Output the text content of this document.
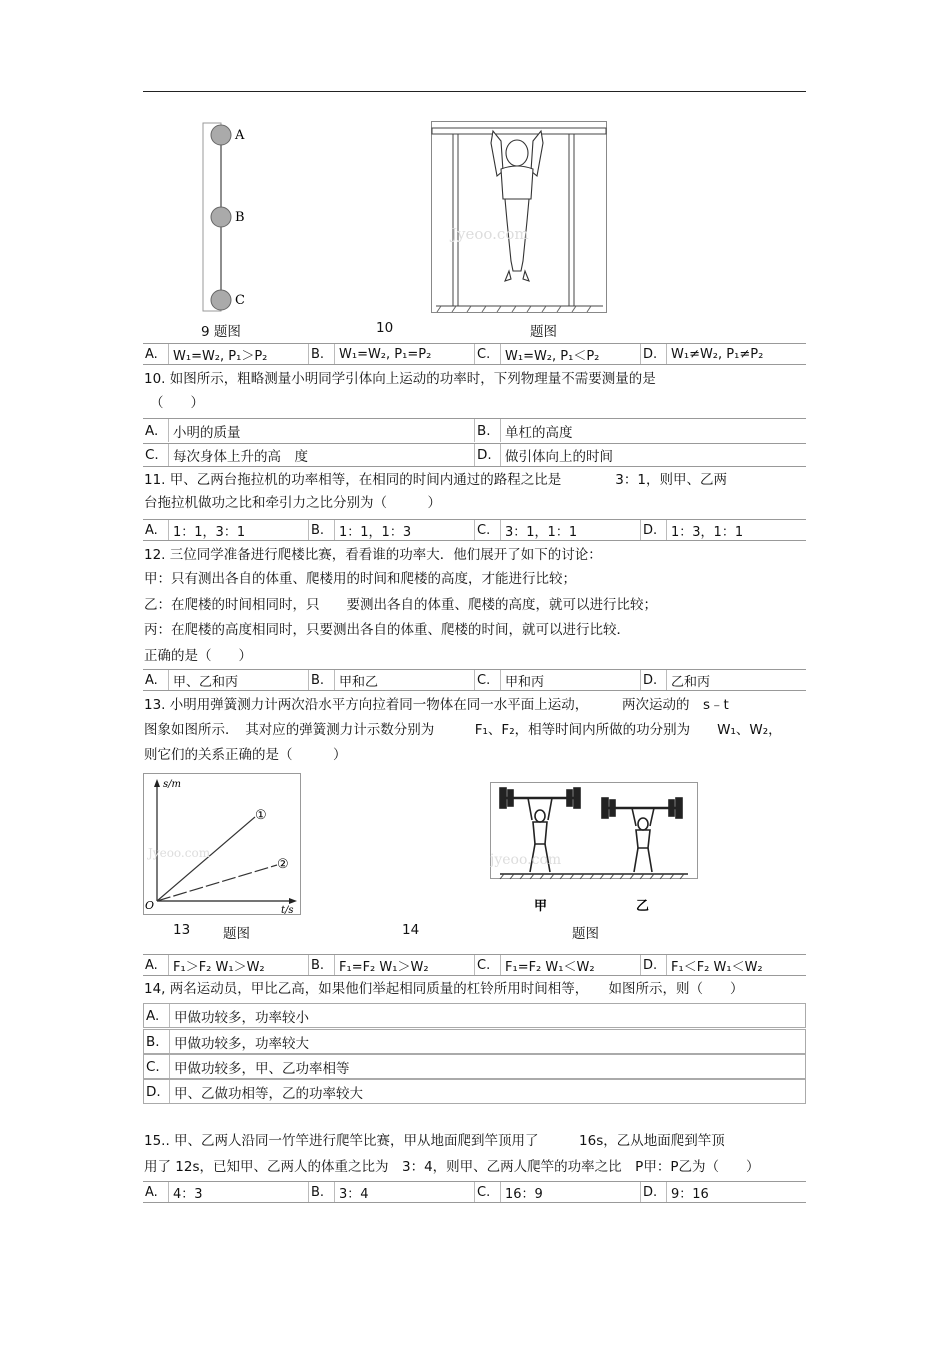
A
B
C
9 题图
Jyeoo.com
10	题图
A.	W₁=W₂, P₁＞P₂	B.	W₁=W₂, P₁=P₂	C.	W₁=W₂, P₁＜P₂	D.	W₁≠W₂, P₁≠P₂
10. 如图所示，粗略测量小明同学引体向上运动的功率时，下列物理量不需要测量的是
（　　）
A.	小明的质量	B.	单杠的高度
C.	每次身体上升的高　度	D. 做引体向上的时间
11. 甲、乙两台拖拉机的功率相等，在相同的时间内通过的路程之比是　　　　3：1，则甲、乙两
台拖拉机做功之比和牵引力之比分别为（　　　）
A.	1：1，3：1	B.	1：1，1：3	C.	3：1，1：1	D.	1：3，1：1
12. 三位同学准备进行爬楼比赛，看看谁的功率大．他们展开了如下的讨论：
甲：只有测出各自的体重、爬楼用的时间和爬楼的高度，才能进行比较；
乙：在爬楼的时间相同时，只　　要测出各自的体重、爬楼的高度，就可以进行比较；
丙：在爬楼的高度相同时，只要测出各自的体重、爬楼的时间，就可以进行比较．
正确的是（　　）
A.	甲、乙和丙	B.	甲和乙	C.	甲和丙	D.	乙和丙
13. 小明用弹簧测力计两次沿水平方向拉着同一物体在同一水平面上运动，　　　两次运动的　s﹣t
图象如图所示．　其对应的弹簧测力计示数分别为　　　F₁、F₂，相等时间内所做的功分别为　　W₁、W₂，
则它们的关系正确的是（　　　）
s/m
t/s
O
①
②
Jyeoo.com	jyeoo.com
甲	乙
13 题图	14	题图
A.	F₁＞F₂ W₁＞W₂	B.	F₁=F₂ W₁＞W₂	C.	F₁=F₂ W₁＜W₂	D.	F₁＜F₂ W₁＜W₂
14, 两名运动员，甲比乙高，如果他们举起相同质量的杠铃所用时间相等，　　如图所示，则（　　）
A.	甲做功较多，功率较小
B.	甲做功较多，功率较大
C.	甲做功较多，甲、乙功率相等
D. 甲、乙做功相等，乙的功率较大
15.. 甲、乙两人沿同一竹竿进行爬竿比赛，甲从地面爬到竿顶用了　　　16s，乙从地面爬到竿顶
用了 12s，已知甲、乙两人的体重之比为　3：4，则甲、乙两人爬竿的功率之比　P甲：P乙为（　　）
A.	4：3	B.	3：4	C.	16：9	D.	9：16
